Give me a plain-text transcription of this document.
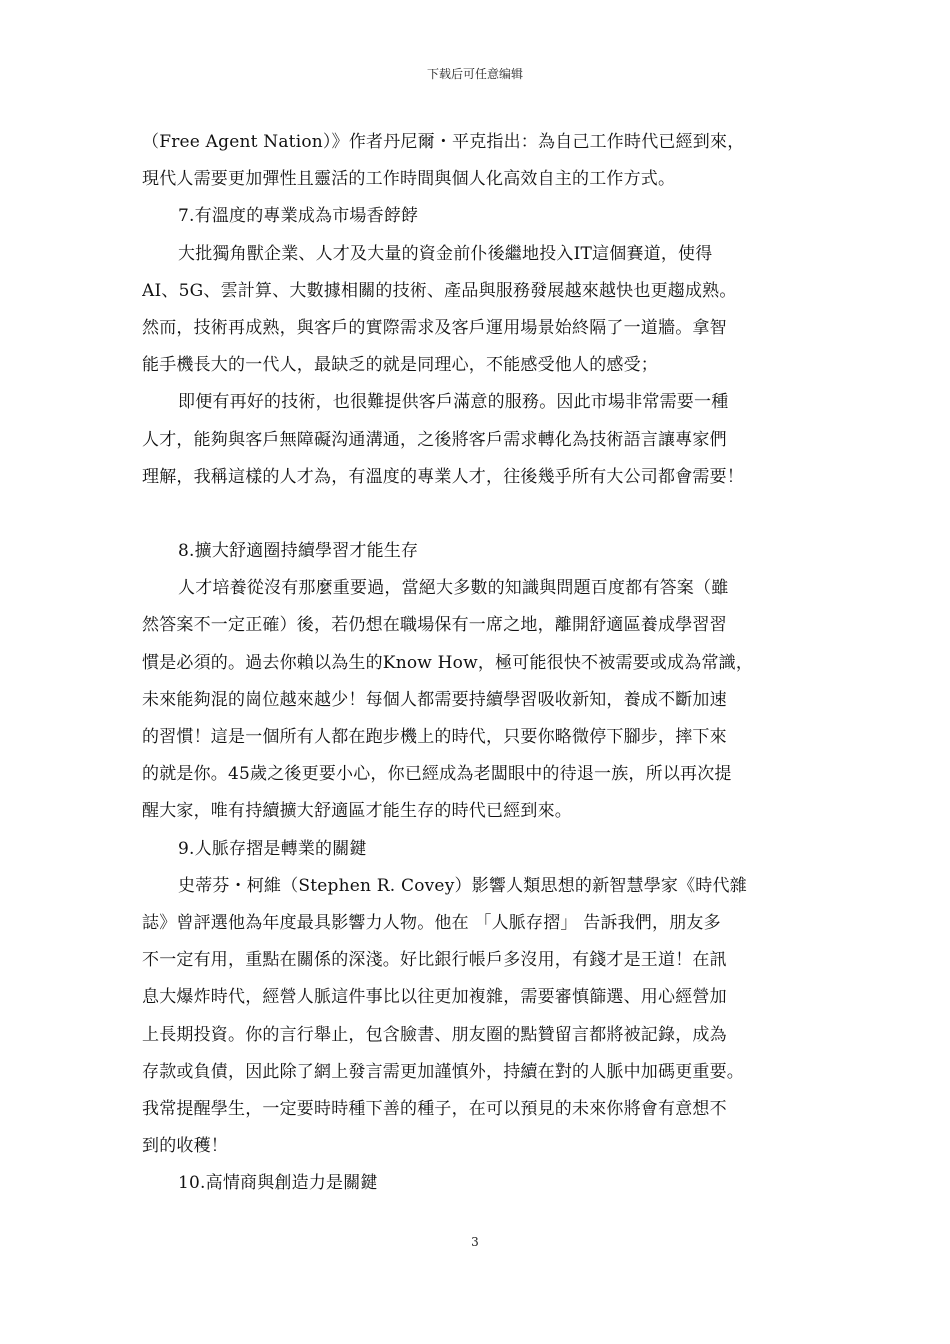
下载后可任意编辑
（Free Agent Nation）》作者丹尼爾・平克指出：為自己工作時代已經到來，
現代人需要更加彈性且靈活的工作時間與個人化高效自主的工作方式。
7.有溫度的專業成為市場香餑餑
大批獨角獸企業、人才及大量的資金前仆後繼地投入IT這個賽道，使得
AI、5G、雲計算、大數據相關的技術、產品與服務發展越來越快也更趨成熟。
然而，技術再成熟，與客戶的實際需求及客戶運用場景始終隔了一道牆。拿智
能手機長大的一代人，最缺乏的就是同理心，不能感受他人的感受；
即便有再好的技術，也很難提供客戶滿意的服務。因此市場非常需要一種
人才，能夠與客戶無障礙沟通溝通，之後將客戶需求轉化為技術語言讓專家們
理解，我稱這樣的人才為，有溫度的專業人才，往後幾乎所有大公司都會需要！
8.擴大舒適圈持續學習才能生存
人才培養從沒有那麼重要過，當絕大多數的知識與問題百度都有答案（雖
然答案不一定正確）後，若仍想在職場保有一席之地，離開舒適區養成學習習
慣是必須的。過去你賴以為生的Know How，極可能很快不被需要或成為常識，
未來能夠混的崗位越來越少！每個人都需要持續學習吸收新知，養成不斷加速
的習慣！這是一個所有人都在跑步機上的時代，只要你略微停下腳步，摔下來
的就是你。45歲之後更要小心，你已經成為老闆眼中的待退一族，所以再次提
醒大家，唯有持續擴大舒適區才能生存的時代已經到來。
9.人脈存摺是轉業的關鍵
史蒂芬・柯維（Stephen R. Covey）影響人類思想的新智慧學家《時代雜
誌》曾評選他為年度最具影響力人物。他在 「人脈存摺」 告訴我們，朋友多
不一定有用，重點在關係的深淺。好比銀行帳戶多沒用，有錢才是王道！在訊
息大爆炸時代，經營人脈這件事比以往更加複雜，需要審慎篩選、用心經營加
上長期投資。你的言行舉止，包含臉書、朋友圈的點贊留言都將被記錄，成為
存款或負債，因此除了網上發言需更加謹慎外，持續在對的人脈中加碼更重要。
我常提醒學生，一定要時時種下善的種子，在可以預見的未來你將會有意想不
到的收穫！
10.高情商與創造力是關鍵
3
